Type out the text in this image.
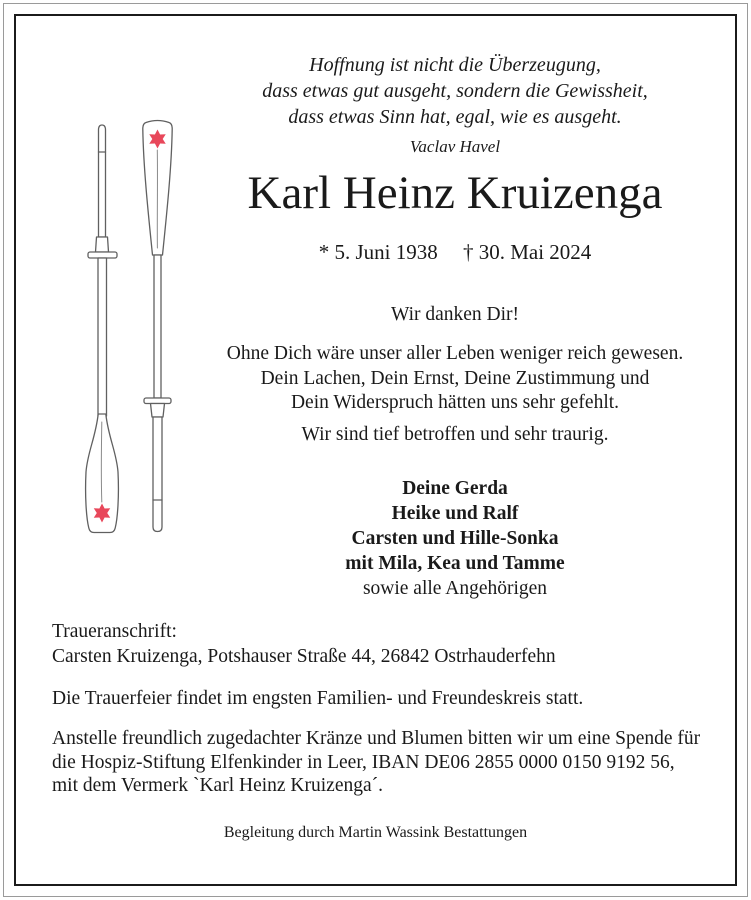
Hoffnung ist nicht die Überzeugung,
dass etwas gut ausgeht, sondern die Gewissheit,
dass etwas Sinn hat, egal, wie es ausgeht.
Vaclav Havel
Karl Heinz Kruizenga
* 5. Juni 1938 † 30. Mai 2024
Wir danken Dir!
Ohne Dich wäre unser aller Leben weniger reich gewesen.
Dein Lachen, Dein Ernst, Deine Zustimmung und
Dein Widerspruch hätten uns sehr gefehlt.
Wir sind tief betroffen und sehr traurig.
Deine Gerda
Heike und Ralf
Carsten und Hille-Sonka
mit Mila, Kea und Tamme
sowie alle Angehörigen
Traueranschrift:
Carsten Kruizenga, Potshauser Straße 44, 26842 Ostrhauderfehn
Die Trauerfeier findet im engsten Familien- und Freundeskreis statt.
Anstelle freundlich zugedachter Kränze und Blumen bitten wir um eine Spende für
die Hospiz-Stiftung Elfenkinder in Leer, IBAN DE06 2855 0000 0150 9192 56,
mit dem Vermerk `Karl Heinz Kruizenga´.
Begleitung durch Martin Wassink Bestattungen
